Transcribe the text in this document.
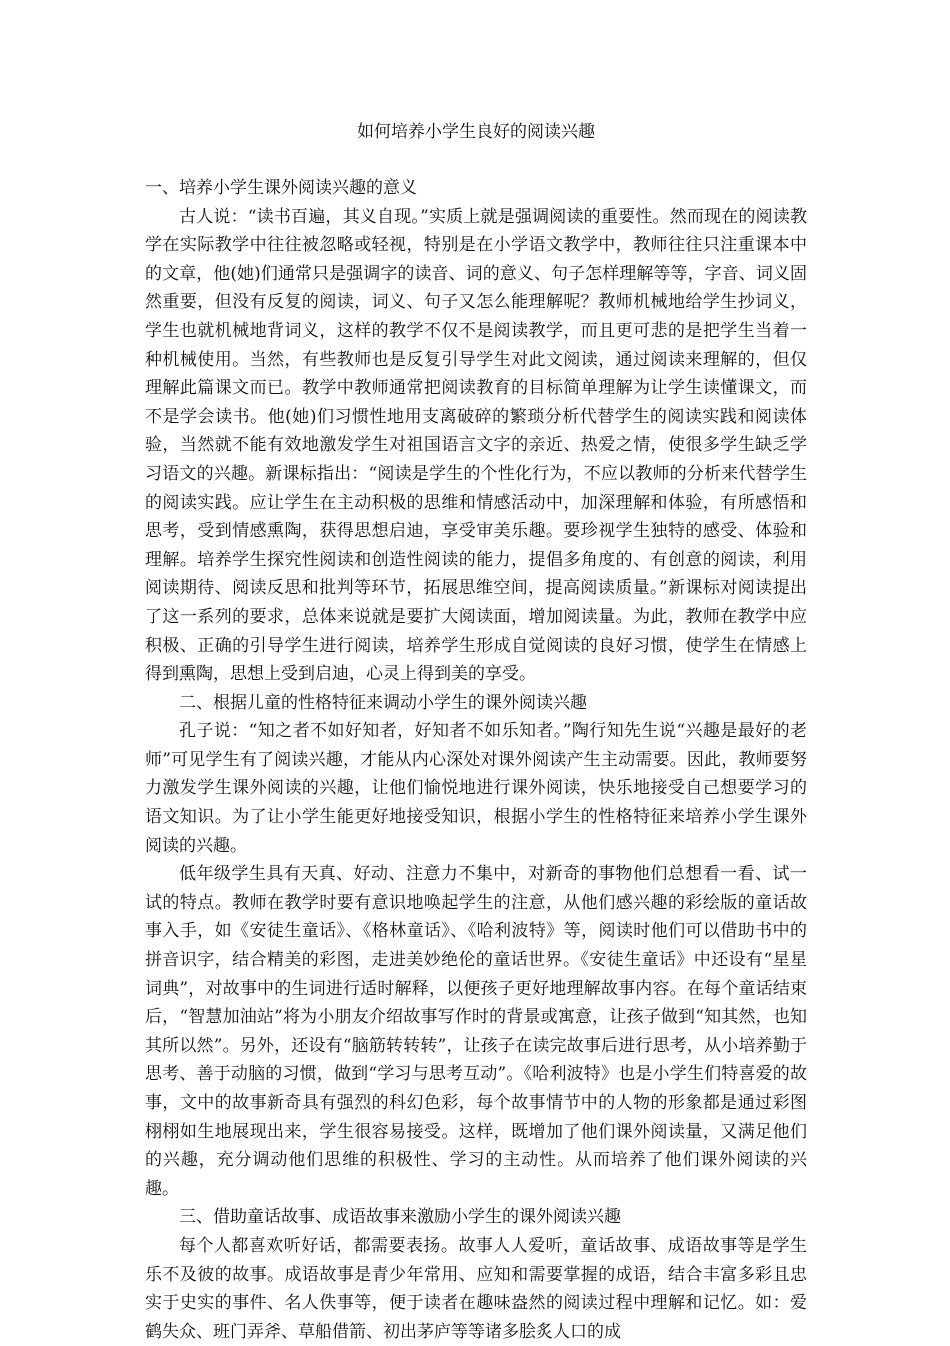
如何培养小学生良好的阅读兴趣

一、培养小学生课外阅读兴趣的意义

古人说：“读书百遍，其义自现。”实质上就是强调阅读的重要性。然而现在的阅读教学在实际教学中往往被忽略或轻视，特别是在小学语文教学中，教师往往只注重课本中的文章，他(她)们通常只是强调字的读音、词的意义、句子怎样理解等等，字音、词义固然重要，但没有反复的阅读，词义、句子又怎么能理解呢？教师机械地给学生抄词义，学生也就机械地背词义，这样的教学不仅不是阅读教学，而且更可悲的是把学生当着一种机械使用。当然，有些教师也是反复引导学生对此文阅读，通过阅读来理解的，但仅理解此篇课文而已。教学中教师通常把阅读教育的目标简单理解为让学生读懂课文，而不是学会读书。他(她)们习惯性地用支离破碎的繁琐分析代替学生的阅读实践和阅读体验，当然就不能有效地激发学生对祖国语言文字的亲近、热爱之情，使很多学生缺乏学习语文的兴趣。新课标指出：“阅读是学生的个性化行为，不应以教师的分析来代替学生的阅读实践。应让学生在主动积极的思维和情感活动中，加深理解和体验，有所感悟和思考，受到情感熏陶，获得思想启迪，享受审美乐趣。要珍视学生独特的感受、体验和理解。培养学生探究性阅读和创造性阅读的能力，提倡多角度的、有创意的阅读，利用阅读期待、阅读反思和批判等环节，拓展思维空间，提高阅读质量。”新课标对阅读提出了这一系列的要求，总体来说就是要扩大阅读面，增加阅读量。为此，教师在教学中应积极、正确的引导学生进行阅读，培养学生形成自觉阅读的良好习惯，使学生在情感上得到熏陶，思想上受到启迪，心灵上得到美的享受。

二、根据儿童的性格特征来调动小学生的课外阅读兴趣

孔子说：“知之者不如好知者，好知者不如乐知者。”陶行知先生说“兴趣是最好的老师”可见学生有了阅读兴趣，才能从内心深处对课外阅读产生主动需要。因此，教师要努力激发学生课外阅读的兴趣，让他们愉悦地进行课外阅读，快乐地接受自己想要学习的语文知识。为了让小学生能更好地接受知识，根据小学生的性格特征来培养小学生课外阅读的兴趣。

低年级学生具有天真、好动、注意力不集中，对新奇的事物他们总想看一看、试一试的特点。教师在教学时要有意识地唤起学生的注意，从他们感兴趣的彩绘版的童话故事入手，如《安徒生童话》、《格林童话》、《哈利波特》等，阅读时他们可以借助书中的拼音识字，结合精美的彩图，走进美妙绝伦的童话世界。《安徒生童话》中还设有“星星词典”，对故事中的生词进行适时解释，以便孩子更好地理解故事内容。在每个童话结束后，“智慧加油站”将为小朋友介绍故事写作时的背景或寓意，让孩子做到“知其然，也知其所以然”。另外，还设有“脑筋转转转”，让孩子在读完故事后进行思考，从小培养勤于思考、善于动脑的习惯，做到“学习与思考互动”。《哈利波特》也是小学生们特喜爱的故事，文中的故事新奇具有强烈的科幻色彩，每个故事情节中的人物的形象都是通过彩图栩栩如生地展现出来，学生很容易接受。这样，既增加了他们课外阅读量，又满足他们的兴趣，充分调动他们思维的积极性、学习的主动性。从而培养了他们课外阅读的兴趣。

三、借助童话故事、成语故事来激励小学生的课外阅读兴趣

每个人都喜欢听好话，都需要表扬。故事人人爱听，童话故事、成语故事等是学生乐不及彼的故事。成语故事是青少年常用、应知和需要掌握的成语，结合丰富多彩且忠实于史实的事件、名人佚事等，便于读者在趣味盎然的阅读过程中理解和记忆。如：爱鹤失众、班门弄斧、草船借箭、初出茅庐等等诸多脍炙人口的成
